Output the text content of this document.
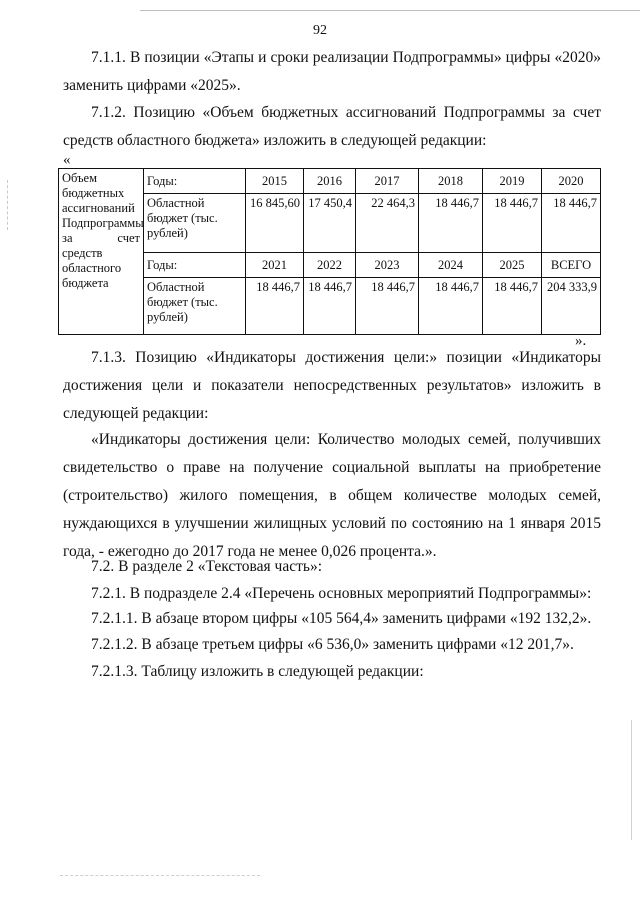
92
7.1.1. В позиции «Этапы и сроки реализации Подпрограммы» цифры «2020» заменить цифрами «2025».
7.1.2. Позицию «Объем бюджетных ассигнований Подпрограммы за счет средств областного бюджета» изложить в следующей редакции:
«
Объем бюджетных ассигнований Подпрограммы за счет средств областного бюджета	Годы:	2015	2016	2017	2018	2019	2020
	Областной бюджет (тыс. рублей)	16 845,60	17 450,4	22 464,3	18 446,7	18 446,7	18 446,7
	Годы:	2021	2022	2023	2024	2025	ВСЕГО
	Областной бюджет (тыс. рублей)	18 446,7	18 446,7	18 446,7	18 446,7	18 446,7	204 333,9
».
7.1.3. Позицию «Индикаторы достижения цели:» позиции «Индикаторы достижения цели и показатели непосредственных результатов» изложить в следующей редакции:
«Индикаторы достижения цели: Количество молодых семей, получивших свидетельство о праве на получение социальной выплаты на приобретение (строительство) жилого помещения, в общем количестве молодых семей, нуждающихся в улучшении жилищных условий по состоянию на 1 января 2015 года, - ежегодно до 2017 года не менее 0,026 процента.».
7.2. В разделе 2 «Текстовая часть»:
7.2.1. В подразделе 2.4 «Перечень основных мероприятий Подпрограммы»:
7.2.1.1. В абзаце втором цифры «105 564,4» заменить цифрами «192 132,2».
7.2.1.2. В абзаце третьем цифры «6 536,0» заменить цифрами «12 201,7».
7.2.1.3. Таблицу изложить в следующей редакции:
